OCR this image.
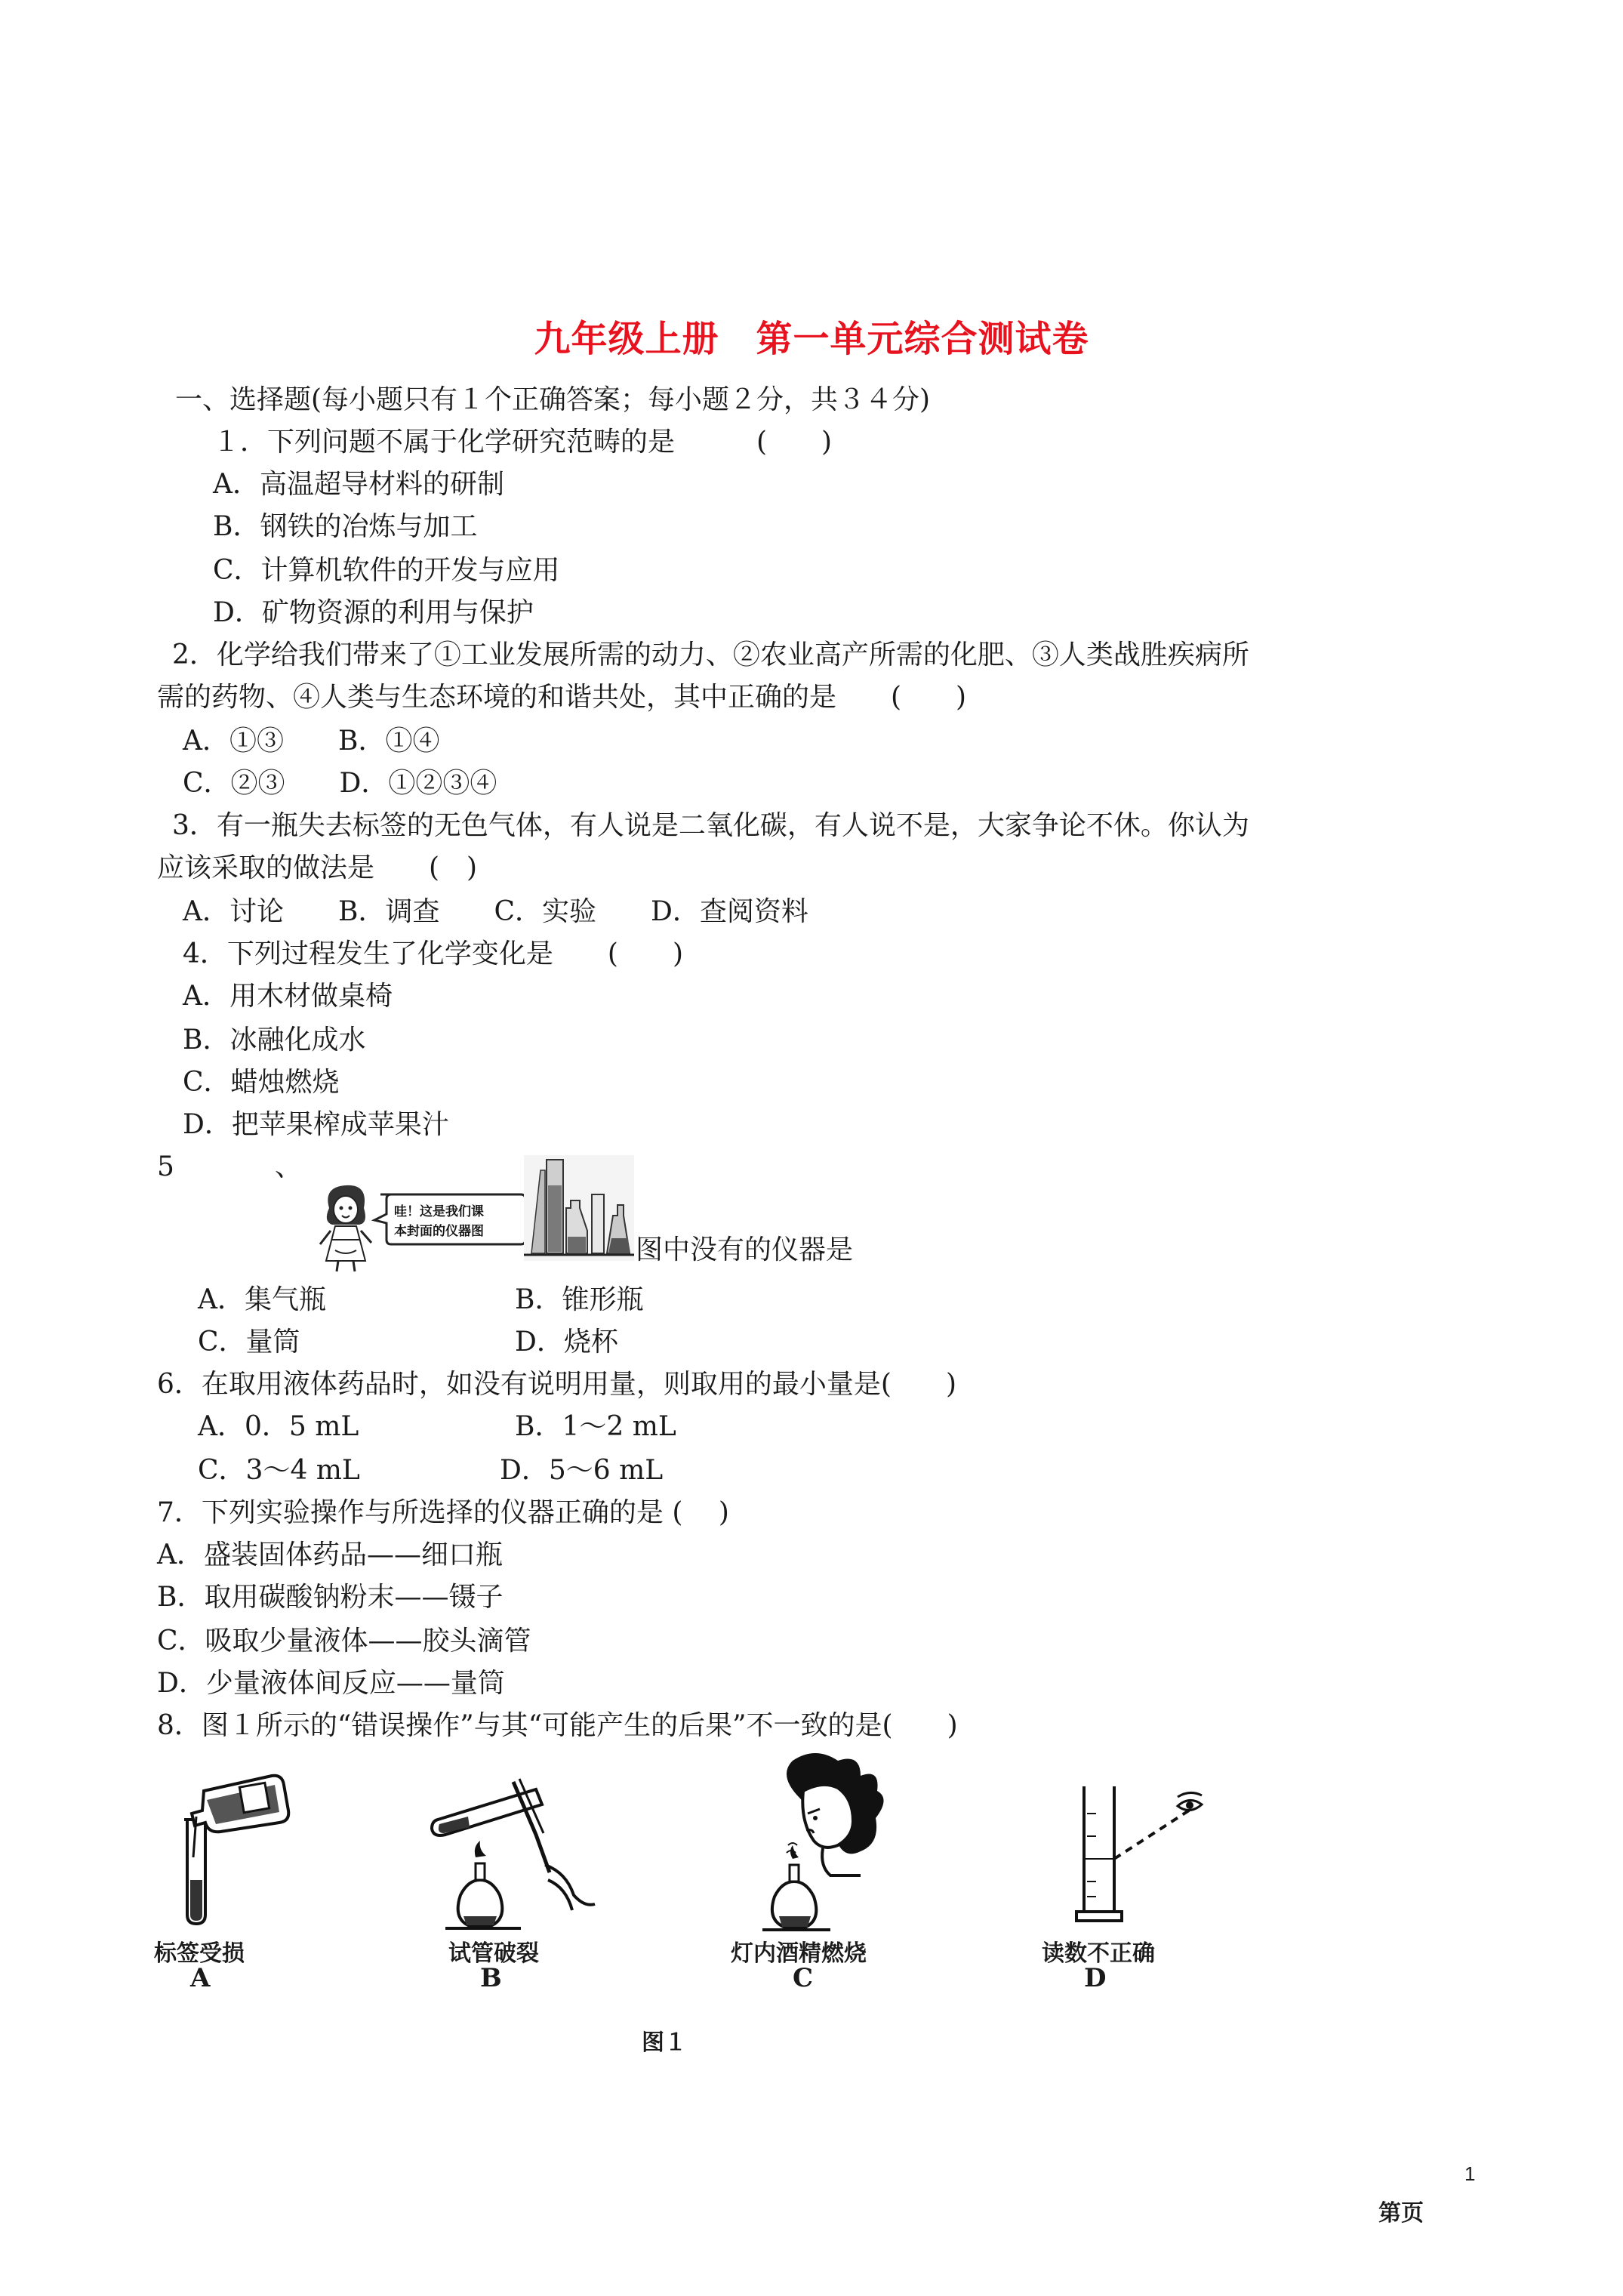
九年级上册　第一单元综合测试卷
一、选择题(每小题只有１个正确答案；每小题２分，共３４分)
１．下列问题不属于化学研究范畴的是　　　(　　)
A．高温超导材料的研制
B．钢铁的冶炼与加工
C．计算机软件的开发与应用
D．矿物资源的利用与保护
2．化学给我们带来了①工业发展所需的动力、②农业高产所需的化肥、③人类战胜疾病所
需的药物、④人类与生态环境的和谐共处，其中正确的是　　(　　)
A．①③　　B．①④
C．②③　　D．①②③④
3．有一瓶失去标签的无色气体，有人说是二氧化碳，有人说不是，大家争论不休。你认为
应该采取的做法是　　(　)
A．讨论　　B．调查　　C．实验　　D．查阅资料
4．下列过程发生了化学变化是　　(　　)
A．用木材做桌椅
B．冰融化成水
C．蜡烛燃烧
D．把苹果榨成苹果汁
5	、
哇！这是我们课
本封面的仪器图
图中没有的仪器是
A．集气瓶	B．锥形瓶
C．量筒	D．烧杯
6．在取用液体药品时，如没有说明用量，则取用的最小量是(　　)
A．0．5 mL	B．1～2 mL
C．3～4 mL	D．5～6 mL
7．下列实验操作与所选择的仪器正确的是 (　 )
A．盛装固体药品——细口瓶
B．取用碳酸钠粉末——镊子
C．吸取少量液体——胶头滴管
D．少量液体间反应——量筒
8．图１所示的“错误操作”与其“可能产生的后果”不一致的是(　　)
标签受损
A
试管破裂
B
灯内酒精燃烧
C
读数不正确
D
图１
1
第页
